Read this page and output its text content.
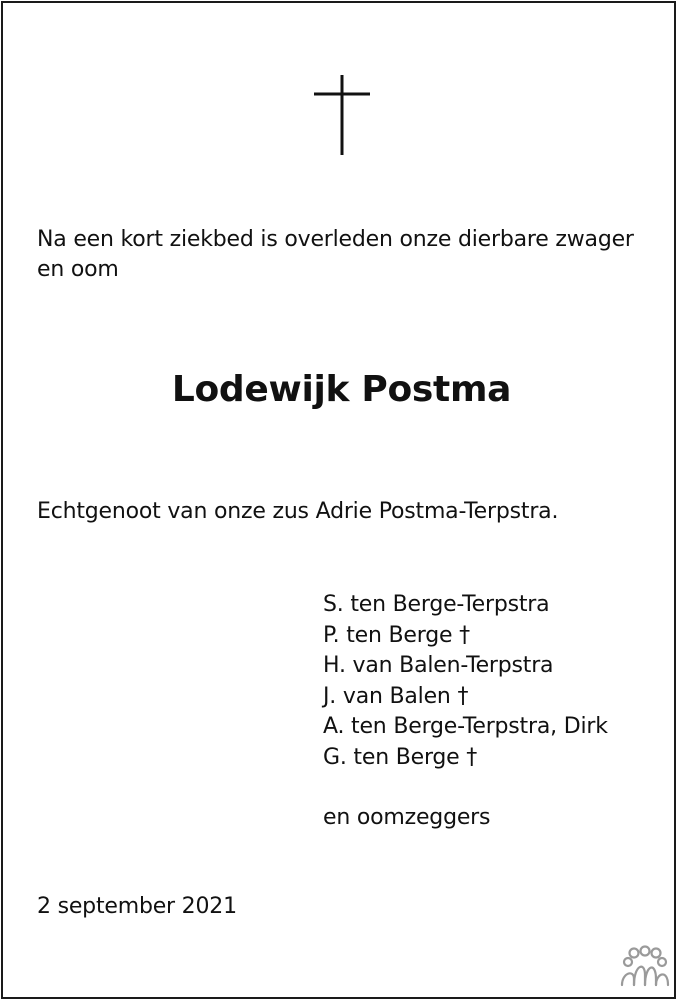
Na een kort ziekbed is overleden onze dierbare zwager en oom
Lodewijk Postma
Echtgenoot van onze zus Adrie Postma-Terpstra.
S. ten Berge-Terpstra
P. ten Berge †
H. van Balen-Terpstra
J. van Balen †
A. ten Berge-Terpstra, Dirk
G. ten Berge †
en oomzeggers
2 september 2021
